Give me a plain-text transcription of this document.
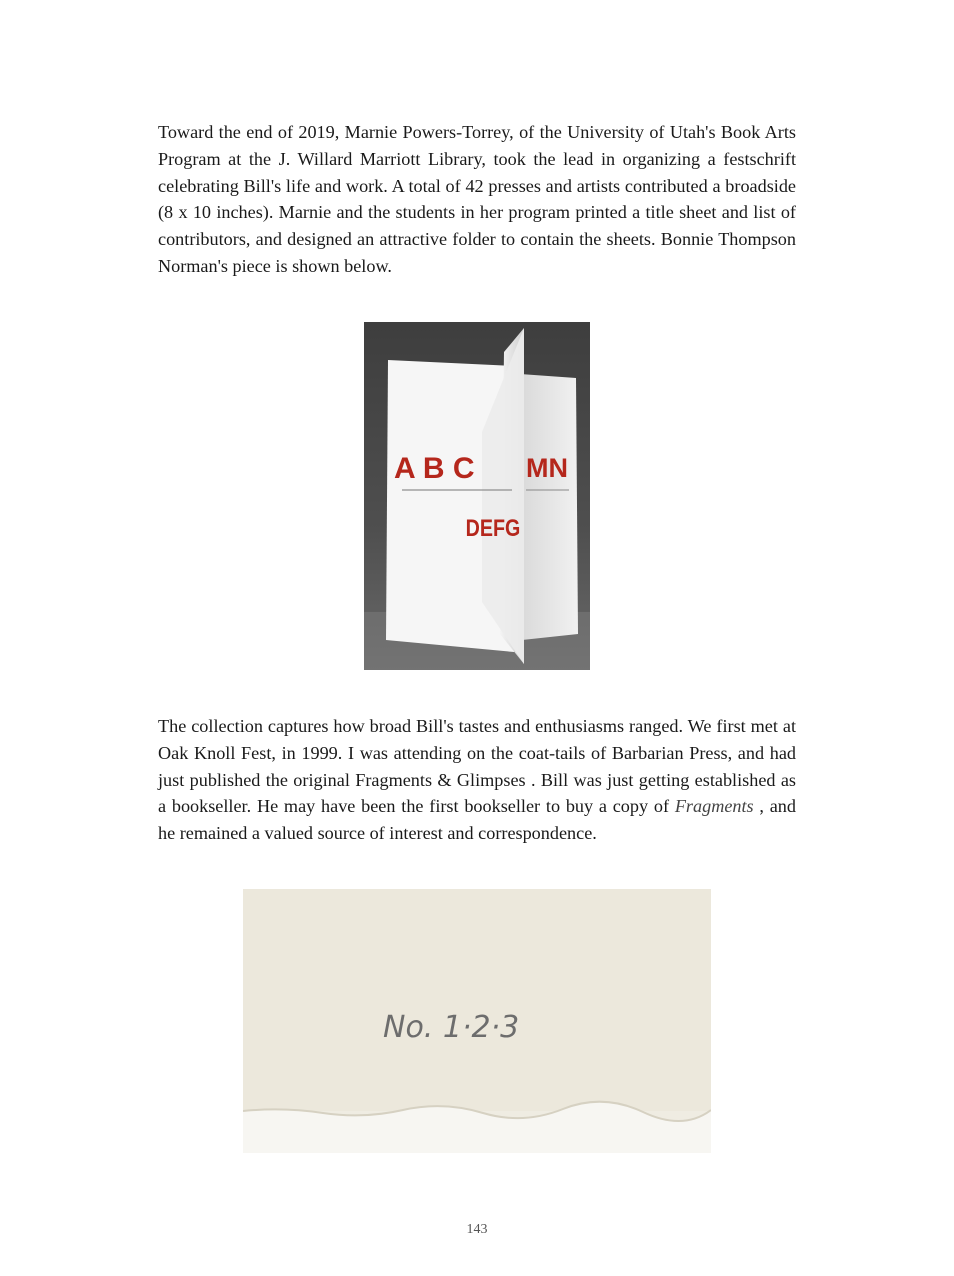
Toward the end of 2019, Marnie Powers-Torrey, of the University of Utah's Book Arts Program at the J. Willard Marriott Library, took the lead in organizing a festschrift celebrating Bill's life and work. A total of 42 presses and artists contributed a broadside (8 x 10 inches). Marnie and the students in her program printed a title sheet and list of contributors, and designed an attractive folder to contain the sheets. Bonnie Thompson Norman's piece is shown below.

A B C MN
DEFG

The collection captures how broad Bill's tastes and enthusiasms ranged. We first met at Oak Knoll Fest, in 1999. I was attending on the coat-tails of Barbarian Press, and had just published the original Fragments & Glimpses . Bill was just getting established as a bookseller. He may have been the first bookseller to buy a copy of Fragments , and he remained a valued source of interest and correspondence.

No. 1·2·3
143
